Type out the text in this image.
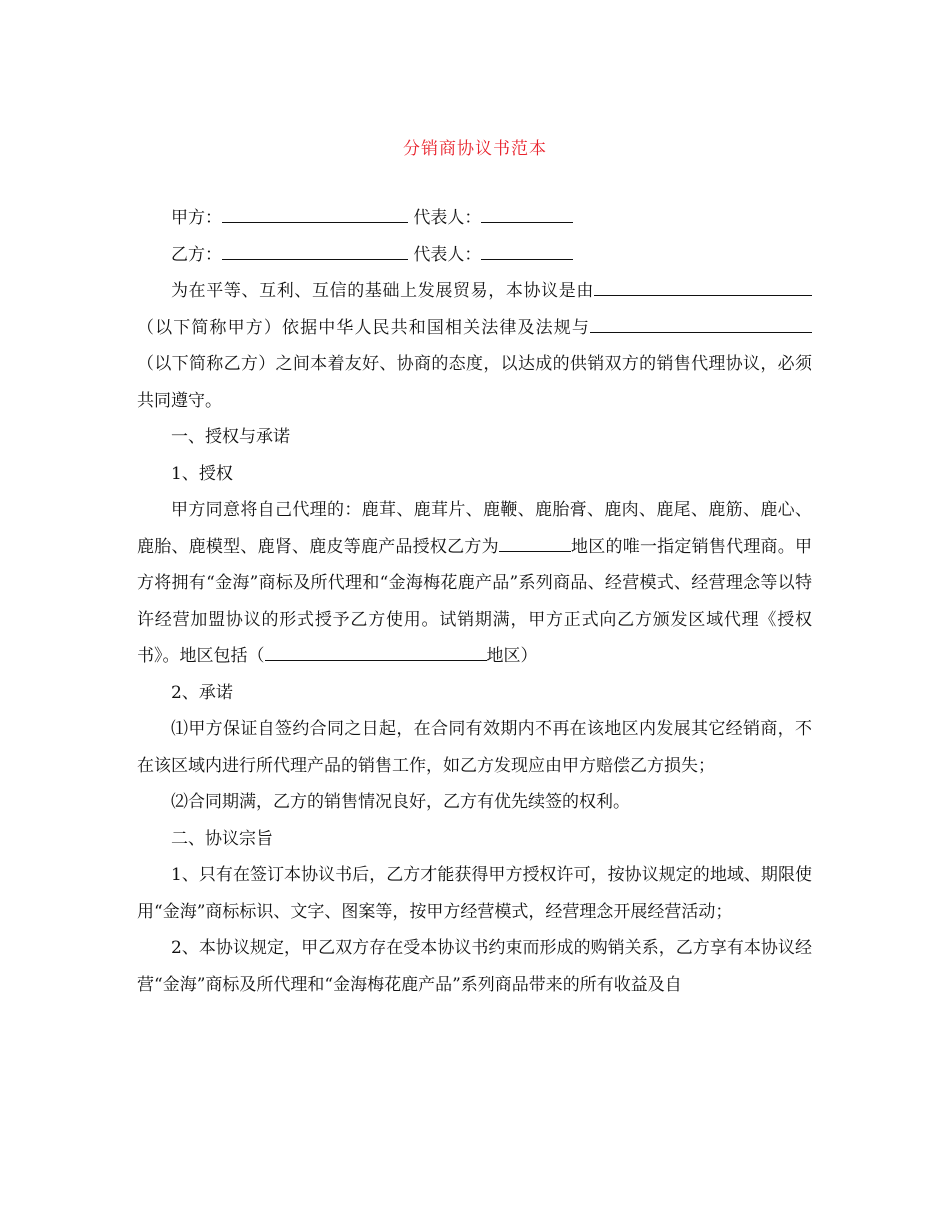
分销商协议书范本

甲方：	代表人：

乙方：	代表人：

为在平等、互利、互信的基础上发展贸易，本协议是由（以下简称甲方）依据中华人民共和国相关法律及法规与（以下简称乙方）之间本着友好、协商的态度，以达成的供销双方的销售代理协议，必须共同遵守。

一、授权与承诺

1、授权

甲方同意将自己代理的：鹿茸、鹿茸片、鹿鞭、鹿胎膏、鹿肉、鹿尾、鹿筋、鹿心、鹿胎、鹿模型、鹿肾、鹿皮等鹿产品授权乙方为	地区的唯一指定销售代理商。甲方将拥有“金海”商标及所代理和“金海梅花鹿产品”系列商品、经营模式、经营理念等以特许经营加盟协议的形式授予乙方使用。试销期满，甲方正式向乙方颁发区域代理《授权书》。地区包括（	地区）

2、承诺

⑴甲方保证自签约合同之日起，在合同有效期内不再在该地区内发展其它经销商，不在该区域内进行所代理产品的销售工作，如乙方发现应由甲方赔偿乙方损失；

⑵合同期满，乙方的销售情况良好，乙方有优先续签的权利。

二、协议宗旨

1、只有在签订本协议书后，乙方才能获得甲方授权许可，按协议规定的地域、期限使用“金海”商标标识、文字、图案等，按甲方经营模式，经营理念开展经营活动；

2、本协议规定，甲乙双方存在受本协议书约束而形成的购销关系，乙方享有本协议经营“金海”商标及所代理和“金海梅花鹿产品”系列商品带来的所有收益及自
